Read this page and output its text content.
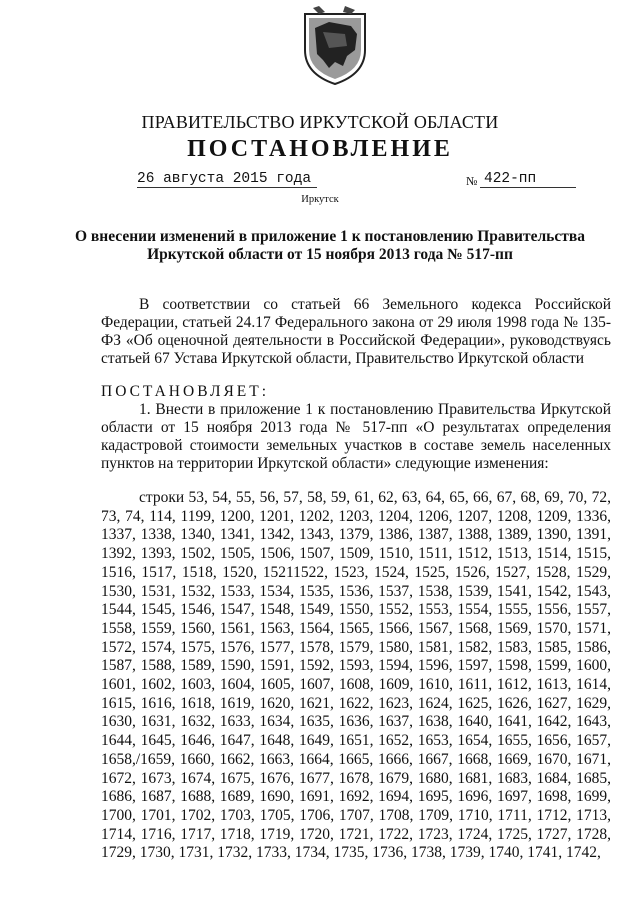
ПРАВИТЕЛЬСТВО ИРКУТСКОЙ ОБЛАСТИ
ПОСТАНОВЛЕНИЕ
26 августа 2015 года	№ 422-пп
Иркутск
О внесении изменений в приложение 1 к постановлению Правительства Иркутской области от 15 ноября 2013 года № 517-пп
В соответствии со статьей 66 Земельного кодекса Российской Федерации, статьей 24.17 Федерального закона от 29 июля 1998 года № 135-ФЗ «Об оценочной деятельности в Российской Федерации», руководствуясь статьей 67 Устава Иркутской области, Правительство Иркутской области
ПОСТАНОВЛЯЕТ:
1. Внести в приложение 1 к постановлению Правительства Иркутской области от 15 ноября 2013 года № 517-пп «О результатах определения кадастровой стоимости земельных участков в составе земель населенных пунктов на территории Иркутской области» следующие изменения:
строки 53, 54, 55, 56, 57, 58, 59, 61, 62, 63, 64, 65, 66, 67, 68, 69, 70, 72, 73, 74, 114, 1199, 1200, 1201, 1202, 1203, 1204, 1206, 1207, 1208, 1209, 1336, 1337, 1338, 1340, 1341, 1342, 1343, 1379, 1386, 1387, 1388, 1389, 1390, 1391, 1392, 1393, 1502, 1505, 1506, 1507, 1509, 1510, 1511, 1512, 1513, 1514, 1515, 1516, 1517, 1518, 1520, 15211522, 1523, 1524, 1525, 1526, 1527, 1528, 1529, 1530, 1531, 1532, 1533, 1534, 1535, 1536, 1537, 1538, 1539, 1541, 1542, 1543, 1544, 1545, 1546, 1547, 1548, 1549, 1550, 1552, 1553, 1554, 1555, 1556, 1557, 1558, 1559, 1560, 1561, 1563, 1564, 1565, 1566, 1567, 1568, 1569, 1570, 1571, 1572, 1574, 1575, 1576, 1577, 1578, 1579, 1580, 1581, 1582, 1583, 1585, 1586, 1587, 1588, 1589, 1590, 1591, 1592, 1593, 1594, 1596, 1597, 1598, 1599, 1600, 1601, 1602, 1603, 1604, 1605, 1607, 1608, 1609, 1610, 1611, 1612, 1613, 1614, 1615, 1616, 1618, 1619, 1620, 1621, 1622, 1623, 1624, 1625, 1626, 1627, 1629, 1630, 1631, 1632, 1633, 1634, 1635, 1636, 1637, 1638, 1640, 1641, 1642, 1643, 1644, 1645, 1646, 1647, 1648, 1649, 1651, 1652, 1653, 1654, 1655, 1656, 1657, 1658,/1659, 1660, 1662, 1663, 1664, 1665, 1666, 1667, 1668, 1669, 1670, 1671, 1672, 1673, 1674, 1675, 1676, 1677, 1678, 1679, 1680, 1681, 1683, 1684, 1685, 1686, 1687, 1688, 1689, 1690, 1691, 1692, 1694, 1695, 1696, 1697, 1698, 1699, 1700, 1701, 1702, 1703, 1705, 1706, 1707, 1708, 1709, 1710, 1711, 1712, 1713, 1714, 1716, 1717, 1718, 1719, 1720, 1721, 1722, 1723, 1724, 1725, 1727, 1728, 1729, 1730, 1731, 1732, 1733, 1734, 1735, 1736, 1738, 1739, 1740, 1741, 1742,
